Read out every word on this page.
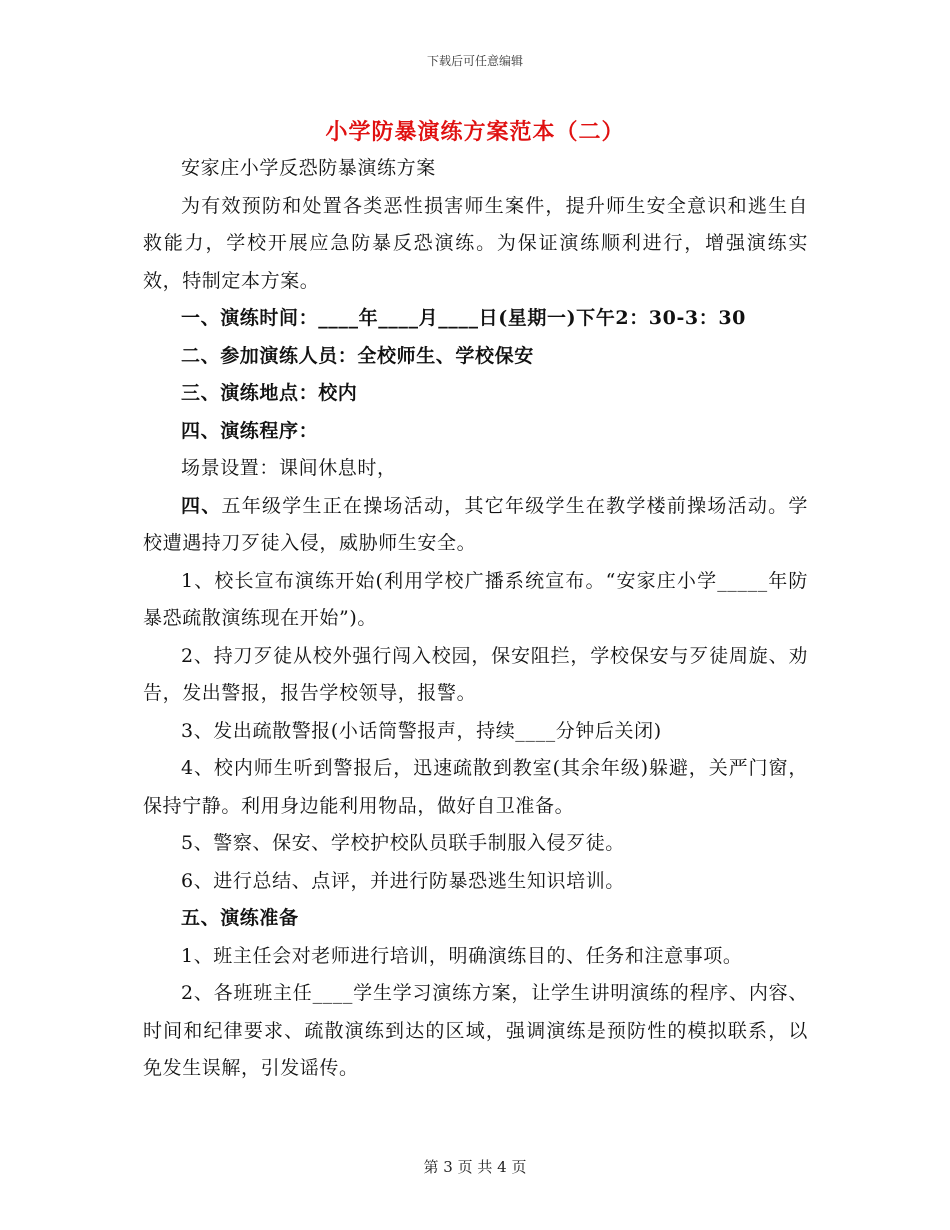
下载后可任意编辑
小学防暴演练方案范本（二）

安家庄小学反恐防暴演练方案

为有效预防和处置各类恶性损害师生案件，提升师生安全意识和逃生自救能力，学校开展应急防暴反恐演练。为保证演练顺利进行，增强演练实效，特制定本方案。

一、演练时间：____年____月____日(星期一)下午2：30-3：30

二、参加演练人员：全校师生、学校保安

三、演练地点：校内

四、演练程序：

场景设置：课间休息时，

四、五年级学生正在操场活动，其它年级学生在教学楼前操场活动。学校遭遇持刀歹徒入侵，威胁师生安全。

1、校长宣布演练开始(利用学校广播系统宣布。“安家庄小学_____年防暴恐疏散演练现在开始”)。

2、持刀歹徒从校外强行闯入校园，保安阻拦，学校保安与歹徒周旋、劝告，发出警报，报告学校领导，报警。

3、发出疏散警报(小话筒警报声，持续____分钟后关闭)

4、校内师生听到警报后，迅速疏散到教室(其余年级)躲避，关严门窗，保持宁静。利用身边能利用物品，做好自卫准备。

5、警察、保安、学校护校队员联手制服入侵歹徒。

6、进行总结、点评，并进行防暴恐逃生知识培训。

五、演练准备

1、班主任会对老师进行培训，明确演练目的、任务和注意事项。

2、各班班主任____学生学习演练方案，让学生讲明演练的程序、内容、时间和纪律要求、疏散演练到达的区域，强调演练是预防性的模拟联系，以免发生误解，引发谣传。

第 3 页 共 4 页
